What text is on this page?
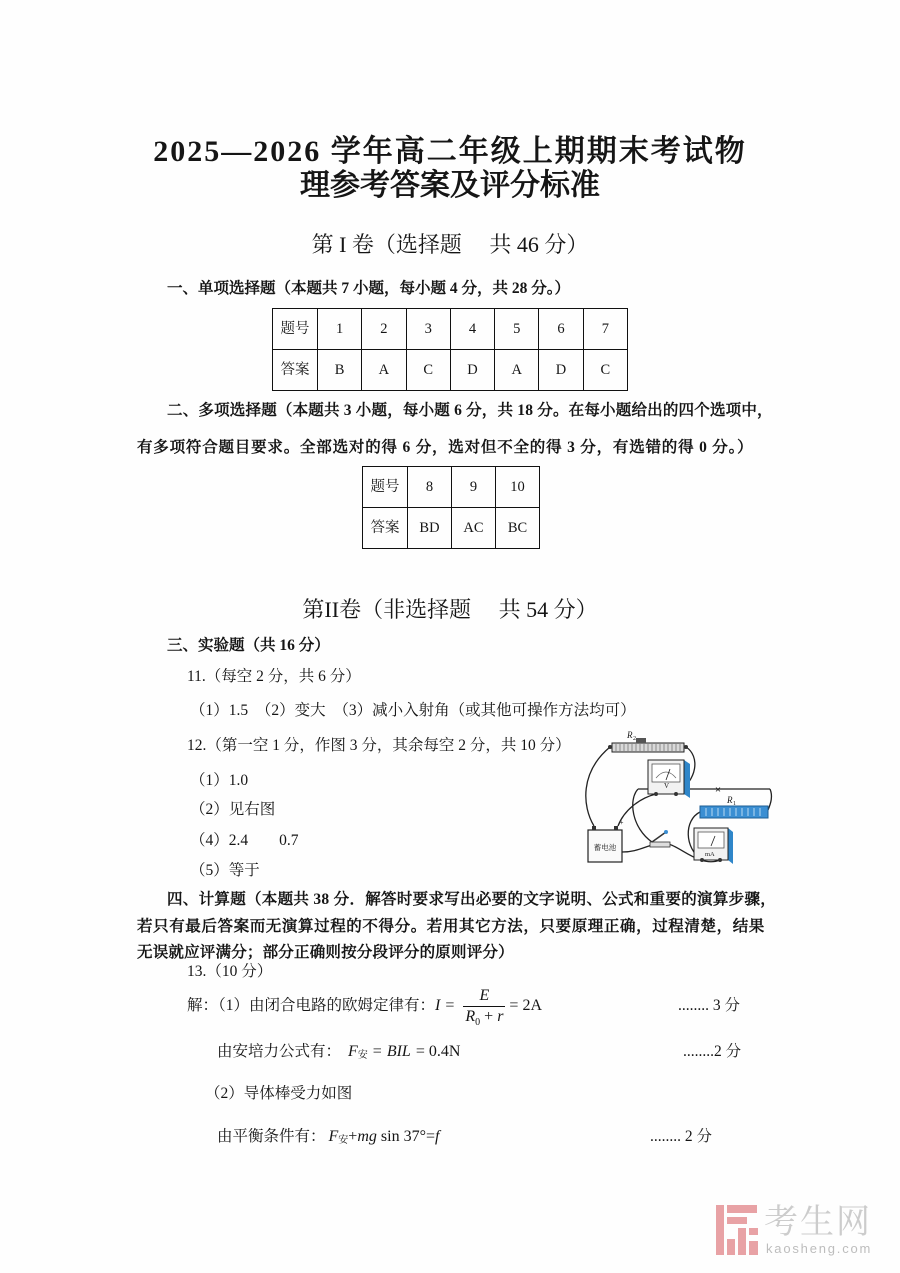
2025—2026 学年高二年级上期期末考试物
理参考答案及评分标准
第 I 卷（选择题　 共 46 分）
一、单项选择题（本题共 7 小题，每小题 4 分，共 28 分。）
题号	1	2	3	4	5	6	7
答案	B	A	C	D	A	D	C
二、多项选择题（本题共 3 小题，每小题 6 分，共 18 分。在每小题给出的四个选项中，
有多项符合题目要求。全部选对的得 6 分，选对但不全的得 3 分，有选错的得 0 分。）
题号	8	9	10
答案	BD	AC	BC
第II卷（非选择题　 共 54 分）
三、实验题（共 16 分）
11.（每空 2 分，共 6 分）
（1）1.5　（2）变大　（3）减小入射角（或其他可操作方法均可）
12.（第一空 1 分，作图 3 分，其余每空 2 分，共 10 分）
（1）1.0
（2）见右图
（4）2.4　　0.7
（5）等于
R 2
V	×
R 1
mA
蓄电池
+
四、计算题（本题共 38 分．解答时要求写出必要的文字说明、公式和重要的演算步骤，
若只有最后答案而无演算过程的不得分。若用其它方法，只要原理正确，过程清楚，结果
无误就应评满分；部分正确则按分段评分的原则评分）
13.（10 分）
解：（1）由闭合电路的欧姆定律有： $I = \frac{E}{R 0 + r} = 2A$	........ 3 分
由安培力公式有： F 安 = BIL = 0.4N	........2 分
（2）导体棒受力如图
由平衡条件有： F 安 + mg sin 37°= f	........ 2 分
考生网
kaosheng.com
